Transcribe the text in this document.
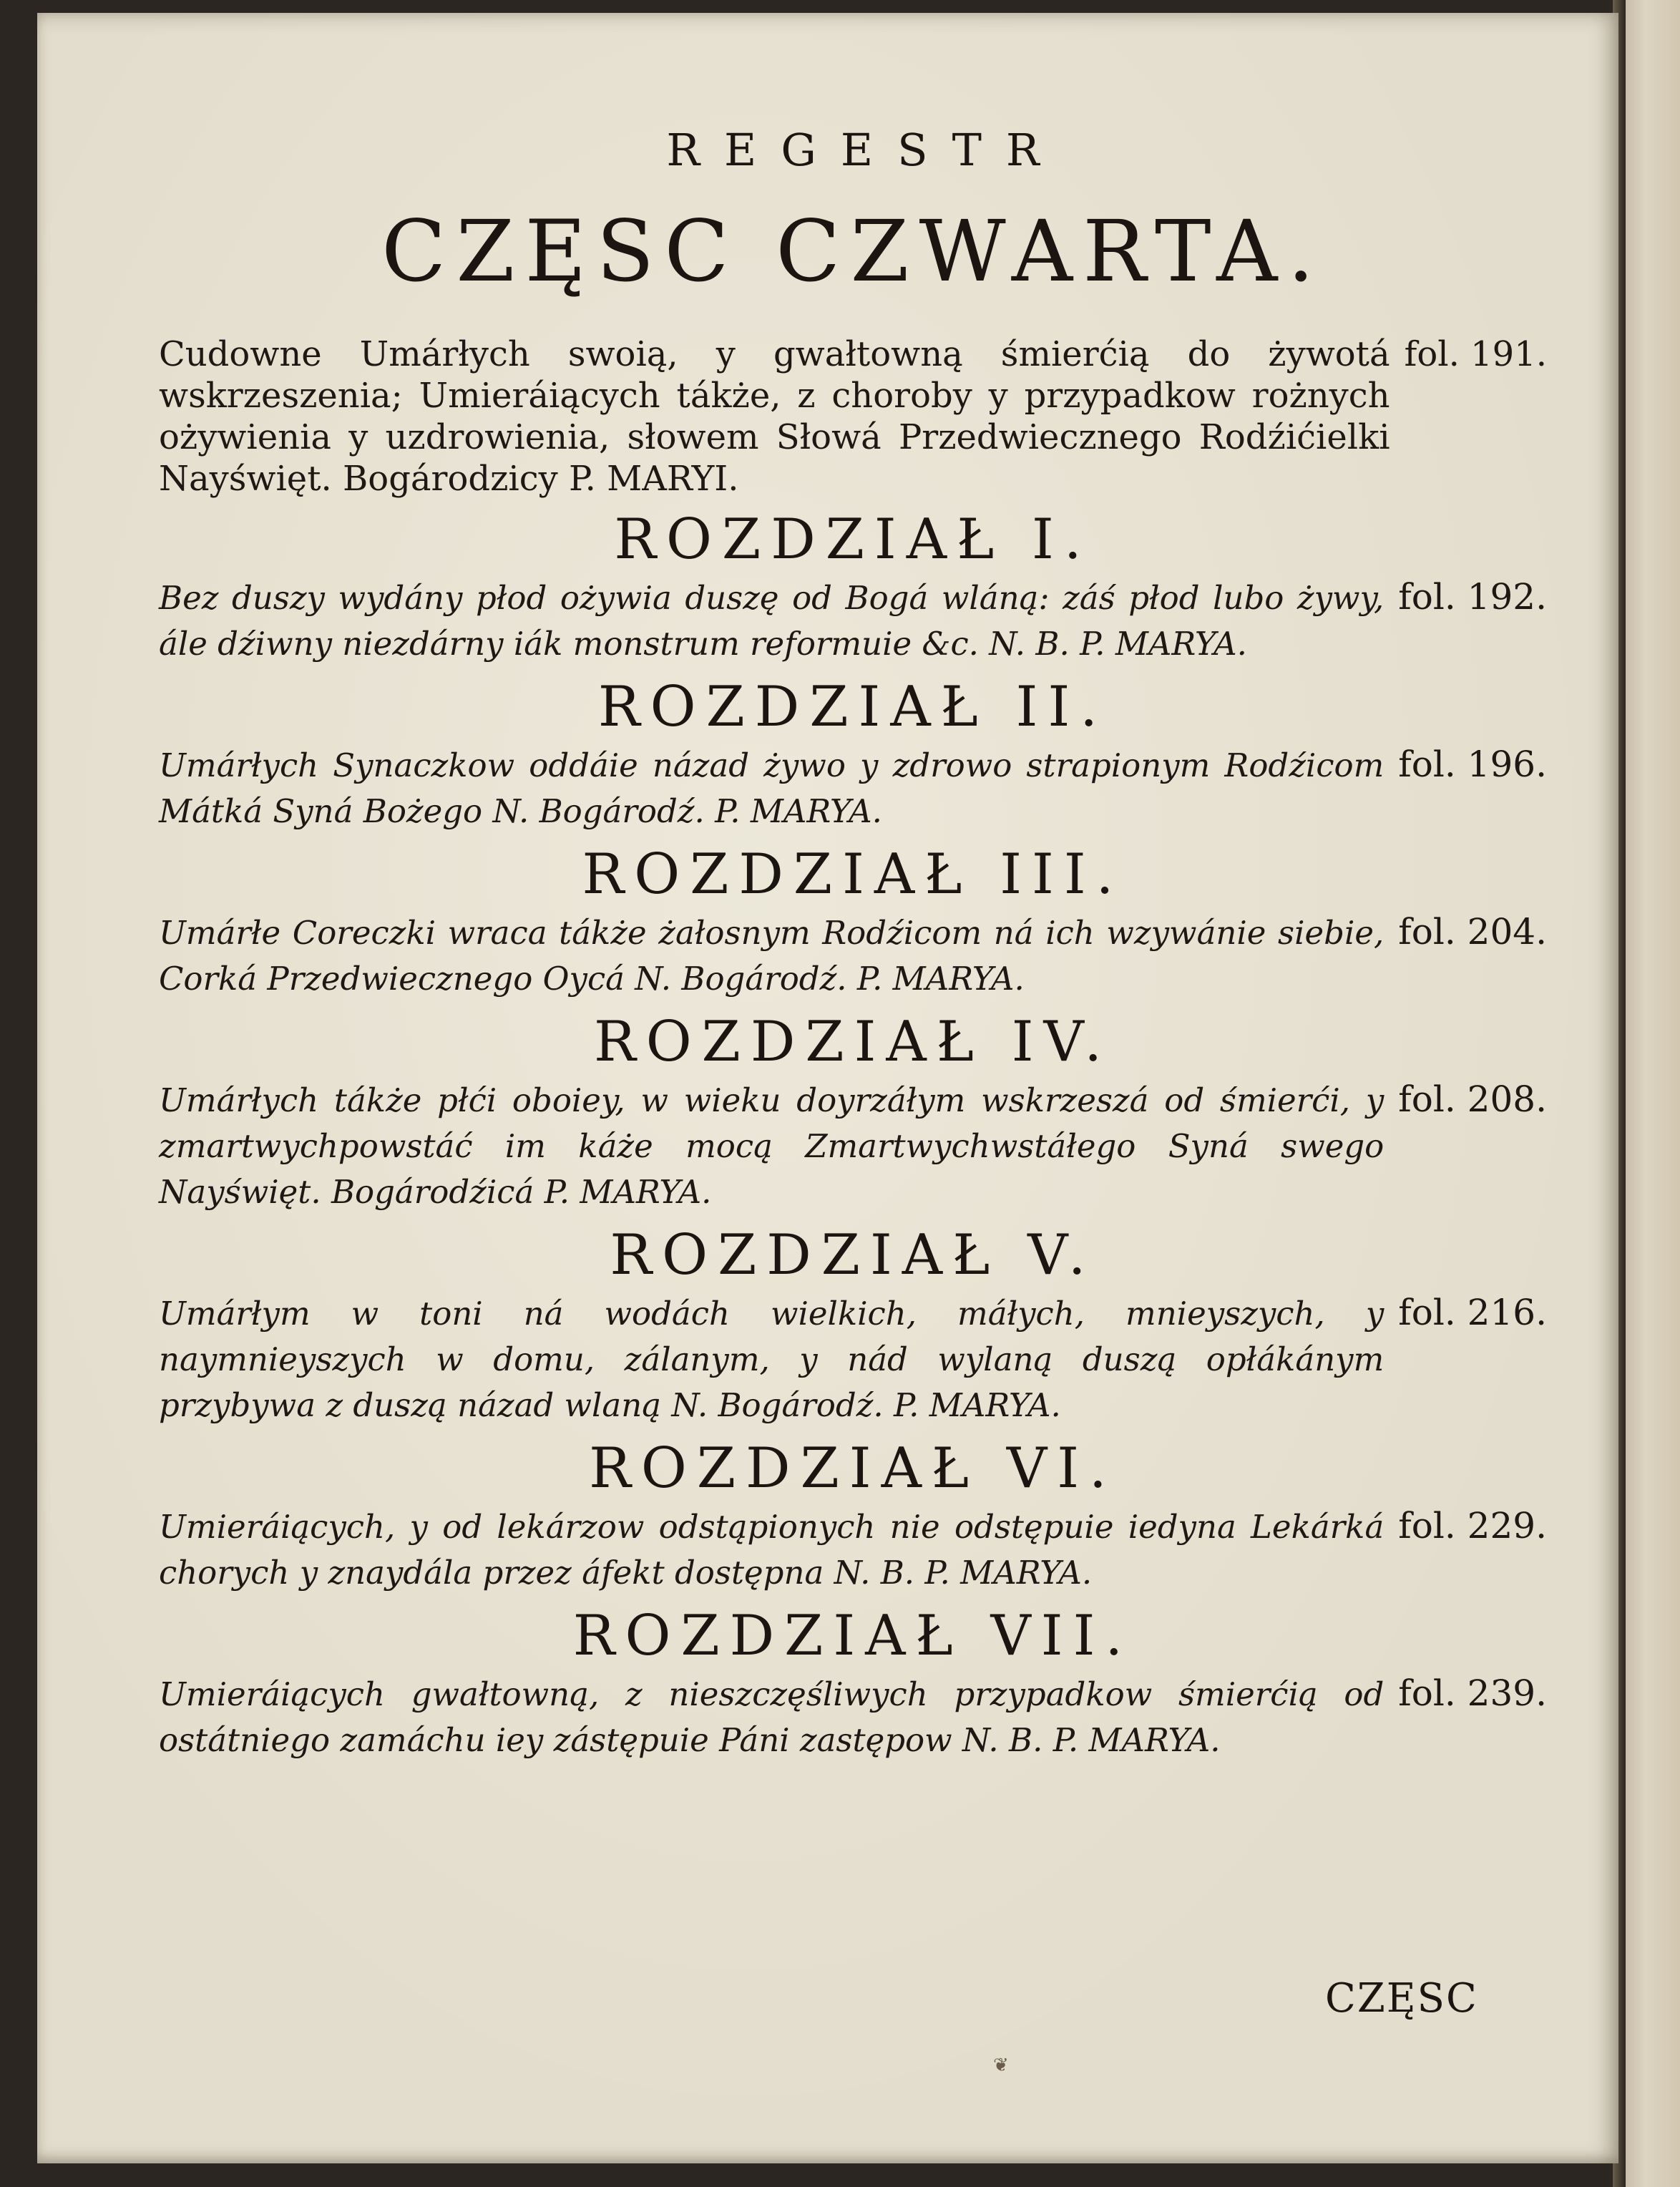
REGESTR
CZĘSC CZWARTA.
Cudowne Umárłych swoią, y gwałtowną śmierćią do żywotá wskrzeszenia; Umieráiących tákże, z choroby y przypadkow rożnych ożywienia y uzdrowienia, słowem Słowá Przedwiecznego Rodźićielki Nayświęt. Bogárodzicy P. MARYI.
fol. 191.
ROZDZIAŁ I.
Bez duszy wydány płod ożywia duszę od Bogá wláną: záś płod lubo żywy, ále dźiwny niezdárny iák monstrum reformuie &c. N. B. P. MARYA.
fol. 192.
ROZDZIAŁ II.
Umárłych Synaczkow oddáie názad żywo y zdrowo strapionym Rodźicom Mátká Syná Bożego N. Bogárodź. P. MARYA.
fol. 196.
ROZDZIAŁ III.
Umárłe Coreczki wraca tákże żałosnym Rodźicom ná ich wzywánie siebie, Corká Przedwiecznego Oycá N. Bogárodź. P. MARYA.
fol. 204.
ROZDZIAŁ IV.
Umárłych tákże płći oboiey, w wieku doyrzáłym wskrzeszá od śmierći, y zmartwychpowstáć im káże mocą Zmartwychwstáłego Syná swego Nayświęt. Bogárodźicá P. MARYA.
fol. 208.
ROZDZIAŁ V.
Umárłym w toni ná wodách wielkich, máłych, mnieyszych, y naymnieyszych w domu, zálanym, y nád wylaną duszą opłákánym przybywa z duszą názad wlaną N. Bogárodź. P. MARYA.
fol. 216.
ROZDZIAŁ VI.
Umieráiących, y od lekárzow odstąpionych nie odstępuie iedyna Lekárká chorych y znaydála przez áfekt dostępna N. B. P. MARYA.
fol. 229.
ROZDZIAŁ VII.
Umieráiących gwałtowną, z nieszczęśliwych przypadkow śmierćią od ostátniego zamáchu iey zástępuie Páni zastępow N. B. P. MARYA.
fol. 239.
CZĘSC
❦
